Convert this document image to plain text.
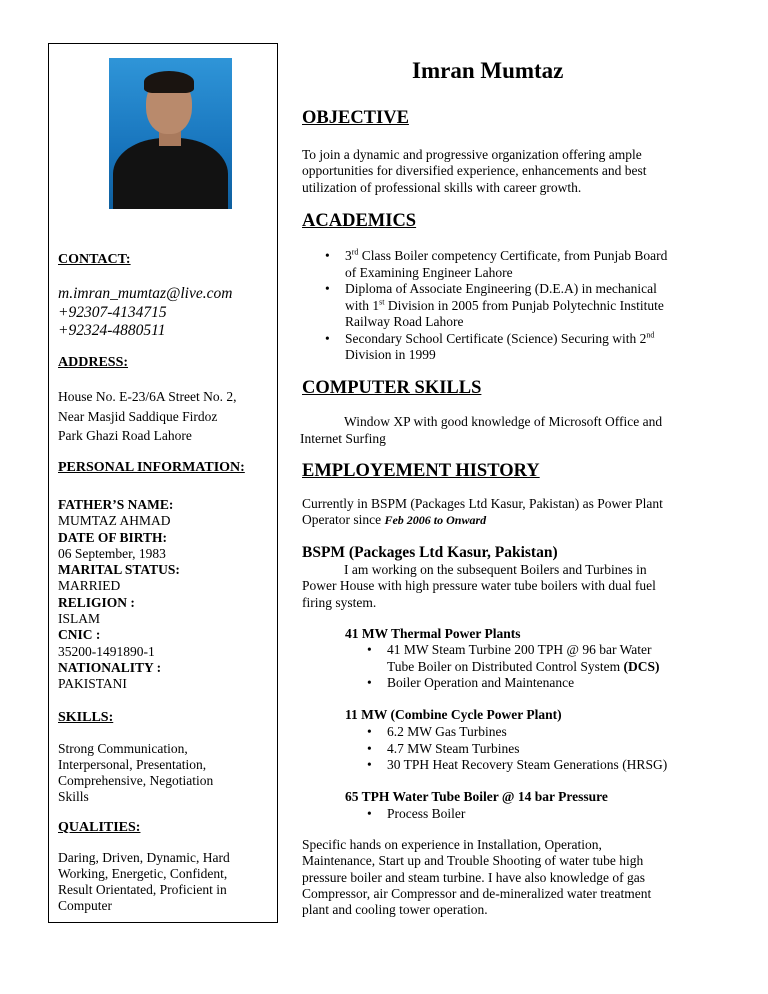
CONTACT:
m.imran_mumtaz@live.com
+92307-4134715
+92324-4880511
ADDRESS:
House No. E-23/6A Street No. 2,
Near Masjid Saddique Firdoz
Park Ghazi Road Lahore
PERSONAL INFORMATION:
FATHER’S NAME:
MUMTAZ AHMAD
DATE OF BIRTH:
06 September, 1983
MARITAL STATUS:
MARRIED
RELIGION :
ISLAM
CNIC :
35200-1491890-1
NATIONALITY :
PAKISTANI
SKILLS:
Strong Communication,
Interpersonal, Presentation,
Comprehensive, Negotiation
Skills
QUALITIES:
Daring, Driven, Dynamic, Hard
Working, Energetic, Confident,
Result Orientated, Proficient in
Computer
Imran Mumtaz
OBJECTIVE
To join a dynamic and progressive organization offering ample
opportunities for diversified experience, enhancements and best
utilization of professional skills with career growth.
ACADEMICS
• 3rd Class Boiler competency Certificate, from Punjab Board
of Examining Engineer Lahore
• Diploma of Associate Engineering (D.E.A) in mechanical
with 1st Division in 2005 from Punjab Polytechnic Institute
Railway Road Lahore
• Secondary School Certificate (Science) Securing with 2nd
Division in 1999
COMPUTER SKILLS
Window XP with good knowledge of Microsoft Office and
Internet Surfing
EMPLOYEMENT HISTORY
Currently in BSPM (Packages Ltd Kasur, Pakistan) as Power Plant
Operator since Feb 2006 to Onward
BSPM (Packages Ltd Kasur, Pakistan)
I am working on the subsequent Boilers and Turbines in
Power House with high pressure water tube boilers with dual fuel
firing system.
41 MW Thermal Power Plants
• 41 MW Steam Turbine 200 TPH @ 96 bar Water
Tube Boiler on Distributed Control System (DCS)
• Boiler Operation and Maintenance
11 MW (Combine Cycle Power Plant)
• 6.2 MW Gas Turbines
• 4.7 MW Steam Turbines
• 30 TPH Heat Recovery Steam Generations (HRSG)
65 TPH Water Tube Boiler @ 14 bar Pressure
• Process Boiler
Specific hands on experience in Installation, Operation,
Maintenance, Start up and Trouble Shooting of water tube high
pressure boiler and steam turbine. I have also knowledge of gas
Compressor, air Compressor and de-mineralized water treatment
plant and cooling tower operation.
